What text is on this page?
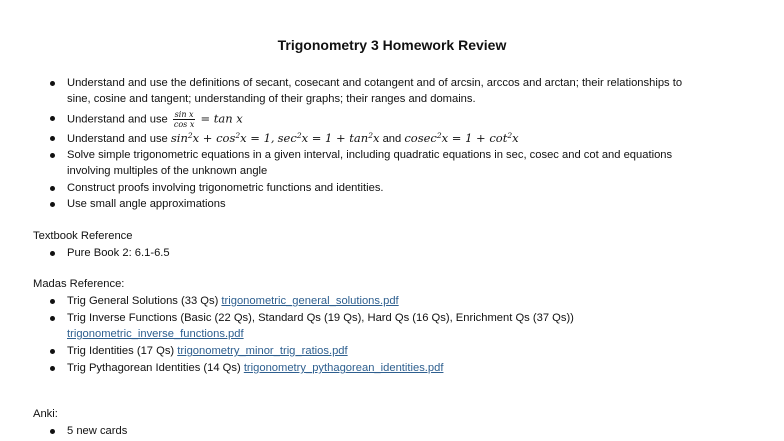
Trigonometry 3 Homework Review
Understand and use the definitions of secant, cosecant and cotangent and of arcsin, arccos and arctan; their relationships to
sine, cosine and tangent; understanding of their graphs; their ranges and domains.
Understand and use $\frac{\text{sin x}}{\text{cos x}} = \tan x$
Understand and use $\sin^2x + \cos^2x = 1$, $\sec^2x = 1 + \tan^2x$ and $cosec^2x = 1 + \cot^2x$
Solve simple trigonometric equations in a given interval, including quadratic equations in sec, cosec and cot and equations
involving multiples of the unknown angle
Construct proofs involving trigonometric functions and identities.
Use small angle approximations
Textbook Reference
Pure Book 2: 6.1-6.5
Madas Reference:
Trig General Solutions (33 Qs) trigonometric_general_solutions.pdf
Trig Inverse Functions (Basic (22 Qs), Standard Qs (19 Qs), Hard Qs (16 Qs), Enrichment Qs (37 Qs))
trigonometric_inverse_functions.pdf
Trig Identities (17 Qs) trigonometry_minor_trig_ratios.pdf
Trig Pythagorean Identities (14 Qs) trigonometry_pythagorean_identities.pdf
Anki:
5 new cards
